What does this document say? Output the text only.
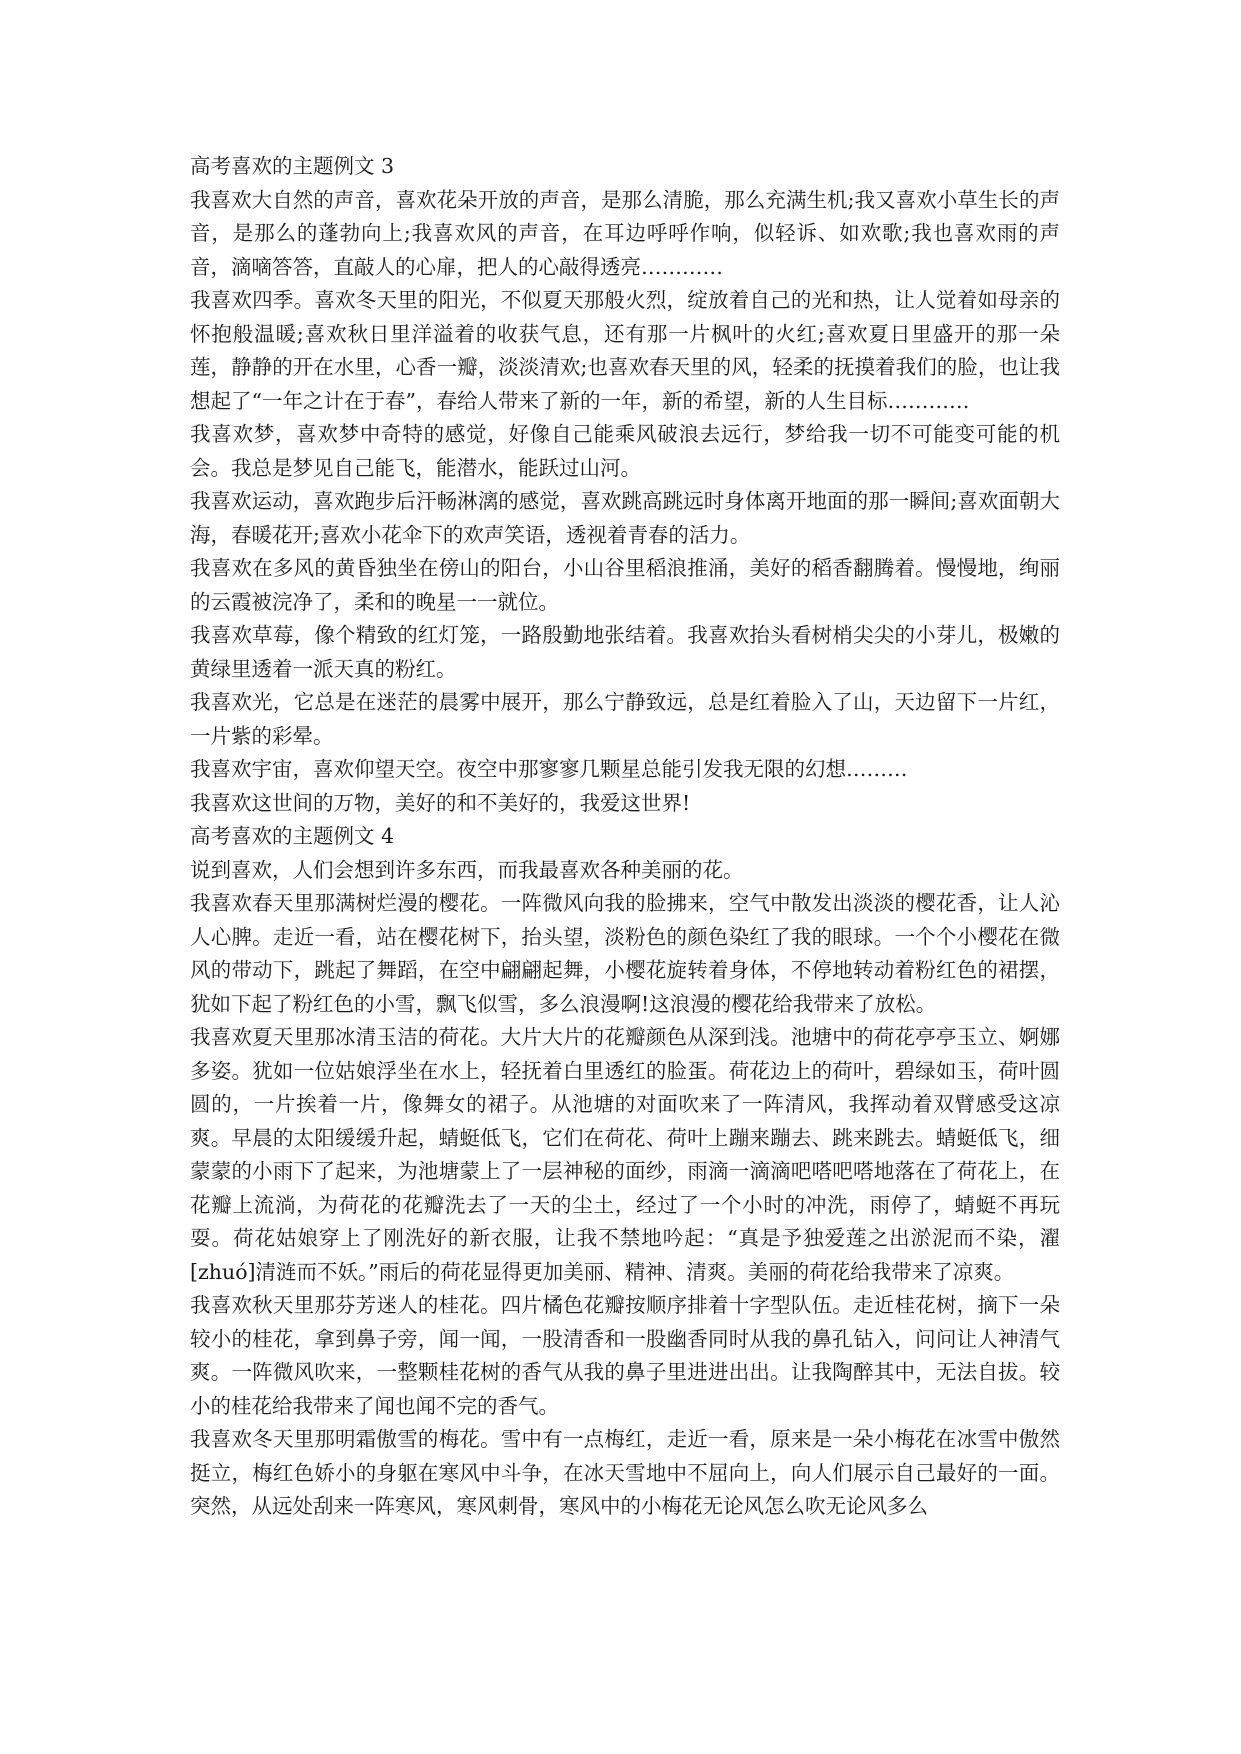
高考喜欢的主题例文 3

我喜欢大自然的声音，喜欢花朵开放的声音，是那么清脆，那么充满生机;我又喜欢小草生长的声音，是那么的蓬勃向上;我喜欢风的声音，在耳边呼呼作响，似轻诉、如欢歌;我也喜欢雨的声音，滴嘀答答，直敲人的心扉，把人的心敲得透亮…………

我喜欢四季。喜欢冬天里的阳光，不似夏天那般火烈，绽放着自己的光和热，让人觉着如母亲的怀抱般温暖;喜欢秋日里洋溢着的收获气息，还有那一片枫叶的火红;喜欢夏日里盛开的那一朵莲，静静的开在水里，心香一瓣，淡淡清欢;也喜欢春天里的风，轻柔的抚摸着我们的脸，也让我想起了“一年之计在于春”，春给人带来了新的一年，新的希望，新的人生目标…………

我喜欢梦，喜欢梦中奇特的感觉，好像自己能乘风破浪去远行，梦给我一切不可能变可能的机会。我总是梦见自己能飞，能潜水，能跃过山河。

我喜欢运动，喜欢跑步后汗畅淋漓的感觉，喜欢跳高跳远时身体离开地面的那一瞬间;喜欢面朝大海，春暖花开;喜欢小花伞下的欢声笑语，透视着青春的活力。

我喜欢在多风的黄昏独坐在傍山的阳台，小山谷里稻浪推涌，美好的稻香翻腾着。慢慢地，绚丽的云霞被浣净了，柔和的晚星一一就位。

我喜欢草莓，像个精致的红灯笼，一路殷勤地张结着。我喜欢抬头看树梢尖尖的小芽儿，极嫩的黄绿里透着一派天真的粉红。

我喜欢光，它总是在迷茫的晨雾中展开，那么宁静致远，总是红着脸入了山，天边留下一片红，一片紫的彩晕。

我喜欢宇宙，喜欢仰望天空。夜空中那寥寥几颗星总能引发我无限的幻想………

我喜欢这世间的万物，美好的和不美好的，我爱这世界!

高考喜欢的主题例文 4

说到喜欢，人们会想到许多东西，而我最喜欢各种美丽的花。

我喜欢春天里那满树烂漫的樱花。一阵微风向我的脸拂来，空气中散发出淡淡的樱花香，让人沁人心脾。走近一看，站在樱花树下，抬头望，淡粉色的颜色染红了我的眼球。一个个小樱花在微风的带动下，跳起了舞蹈，在空中翩翩起舞，小樱花旋转着身体，不停地转动着粉红色的裙摆，犹如下起了粉红色的小雪，飘飞似雪，多么浪漫啊!这浪漫的樱花给我带来了放松。

我喜欢夏天里那冰清玉洁的荷花。大片大片的花瓣颜色从深到浅。池塘中的荷花亭亭玉立、婀娜多姿。犹如一位姑娘浮坐在水上，轻抚着白里透红的脸蛋。荷花边上的荷叶，碧绿如玉，荷叶圆圆的，一片挨着一片，像舞女的裙子。从池塘的对面吹来了一阵清风，我挥动着双臂感受这凉爽。早晨的太阳缓缓升起，蜻蜓低飞，它们在荷花、荷叶上蹦来蹦去、跳来跳去。蜻蜓低飞，细蒙蒙的小雨下了起来，为池塘蒙上了一层神秘的面纱，雨滴一滴滴吧嗒吧嗒地落在了荷花上，在花瓣上流淌，为荷花的花瓣洗去了一天的尘土，经过了一个小时的冲洗，雨停了，蜻蜓不再玩耍。荷花姑娘穿上了刚洗好的新衣服，让我不禁地吟起：“真是予独爱莲之出淤泥而不染，濯[zhuó]清涟而不妖。”雨后的荷花显得更加美丽、精神、清爽。美丽的荷花给我带来了凉爽。

我喜欢秋天里那芬芳迷人的桂花。四片橘色花瓣按顺序排着十字型队伍。走近桂花树，摘下一朵较小的桂花，拿到鼻子旁，闻一闻，一股清香和一股幽香同时从我的鼻孔钻入，问问让人神清气爽。一阵微风吹来，一整颗桂花树的香气从我的鼻子里进进出出。让我陶醉其中，无法自拔。较小的桂花给我带来了闻也闻不完的香气。

我喜欢冬天里那明霜傲雪的梅花。雪中有一点梅红，走近一看，原来是一朵小梅花在冰雪中傲然挺立，梅红色娇小的身躯在寒风中斗争，在冰天雪地中不屈向上，向人们展示自己最好的一面。突然，从远处刮来一阵寒风，寒风刺骨，寒风中的小梅花无论风怎么吹无论风多么
